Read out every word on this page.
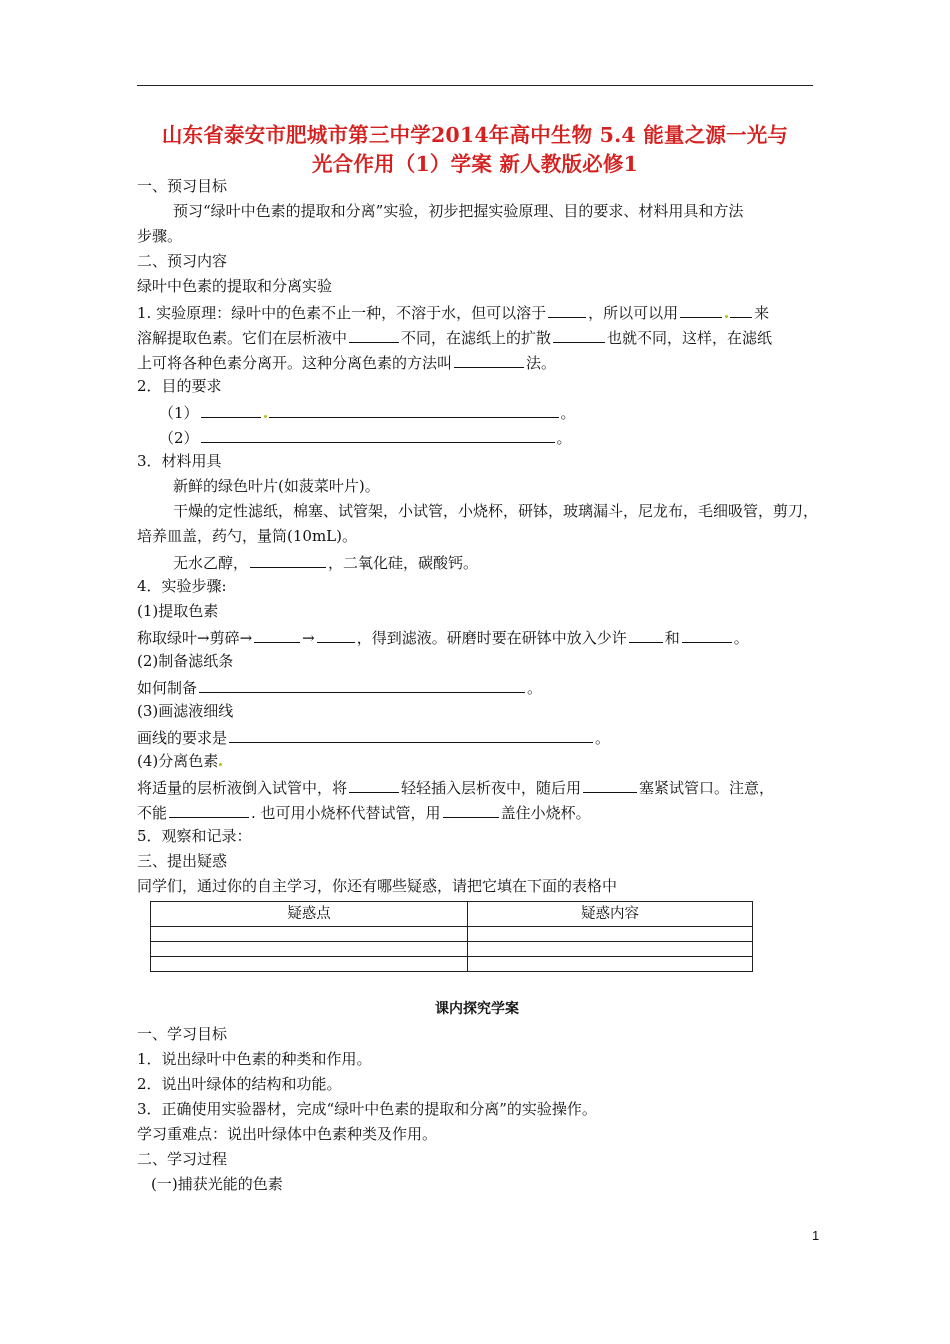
山东省泰安市肥城市第三中学2014年高中生物 5.4 能量之源一光与
光合作用（1）学案 新人教版必修1
一、预习目标
预习“绿叶中色素的提取和分离”实验，初步把握实验原理、目的要求、材料用具和方法
步骤。
二、预习内容
绿叶中色素的提取和分离实验
1. 实验原理：绿叶中的色素不止一种，不溶于水，但可以溶于	，所以可以用	来
溶解提取色素。它们在层析液中	不同，在滤纸上的扩散	也就不同，这样，在滤纸
上可将各种色素分离开。这种分离色素的方法叫	法。
2．目的要求
（1）	。
（2）	。
3．材料用具
新鲜的绿色叶片(如菠菜叶片)。
干燥的定性滤纸，棉塞、试管架，小试管，小烧杯，研钵，玻璃漏斗，尼龙布，毛细吸管，剪刀，
培养皿盖，药勺，量筒(10mL)。
无水乙醇，	，二氧化硅，碳酸钙。
4．实验步骤:
(1)提取色素
称取绿叶→剪碎→	→	，得到滤液。研磨时要在研钵中放入少许	和	。
(2)制备滤纸条
如何制备	。
(3)画滤液细线
画线的要求是	。
(4)分离色素
将适量的层析液倒入试管中，将	轻轻插入层析夜中，随后用	塞紧试管口。注意，
不能	. 也可用小烧杯代替试管，用	盖住小烧杯。
5．观察和记录：
三、提出疑惑
同学们，通过你的自主学习，你还有哪些疑惑，请把它填在下面的表格中
疑惑点	疑惑内容

课内探究学案
一、学习目标
1．说出绿叶中色素的种类和作用。
2．说出叶绿体的结构和功能。
3．正确使用实验器材，完成“绿叶中色素的提取和分离”的实验操作。
学习重难点：说出叶绿体中色素种类及作用。
二、学习过程
(一)捕获光能的色素
1
